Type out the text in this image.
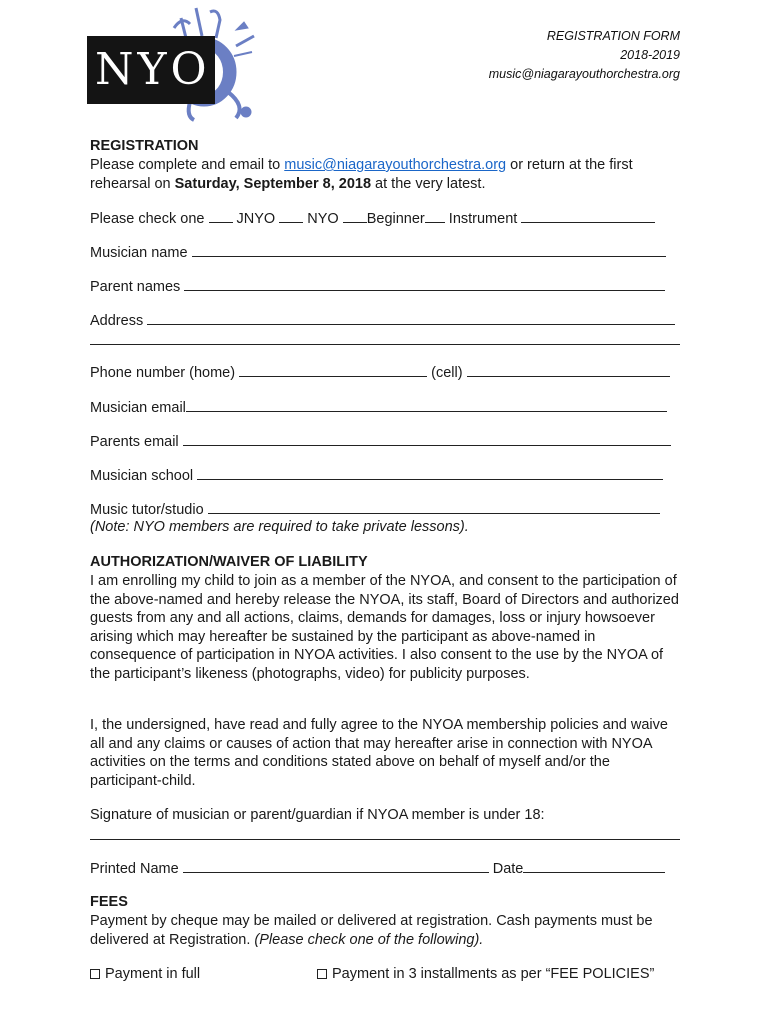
NYO
REGISTRATION FORM
2018-2019
music@niagarayouthorchestra.org
REGISTRATION
Please complete and email to music@niagarayouthorchestra.org or return at the first rehearsal on Saturday, September 8, 2018 at the very latest.
Please check one JNYO NYO Beginner Instrument
Musician name
Parent names
Address
Phone number (home)	(cell)
Musician email
Parents email
Musician school
Music tutor/studio
(Note: NYO members are required to take private lessons).
AUTHORIZATION/WAIVER OF LIABILITY
I am enrolling my child to join as a member of the NYOA, and consent to the participation of the above-named and hereby release the NYOA, its staff, Board of Directors and authorized guests from any and all actions, claims, demands for damages, loss or injury howsoever arising which may hereafter be sustained by the participant as above-named in consequence of participation in NYOA activities. I also consent to the use by the NYOA of the participant’s likeness (photographs, video) for publicity purposes.
I, the undersigned, have read and fully agree to the NYOA membership policies and waive all and any claims or causes of action that may hereafter arise in connection with NYOA activities on the terms and conditions stated above on behalf of myself and/or the participant-child.
Signature of musician or parent/guardian if NYOA member is under 18:
Printed Name	Date
FEES
Payment by cheque may be mailed or delivered at registration. Cash payments must be delivered at Registration. (Please check one of the following).
Payment in full	Payment in 3 installments as per “FEE POLICIES”
